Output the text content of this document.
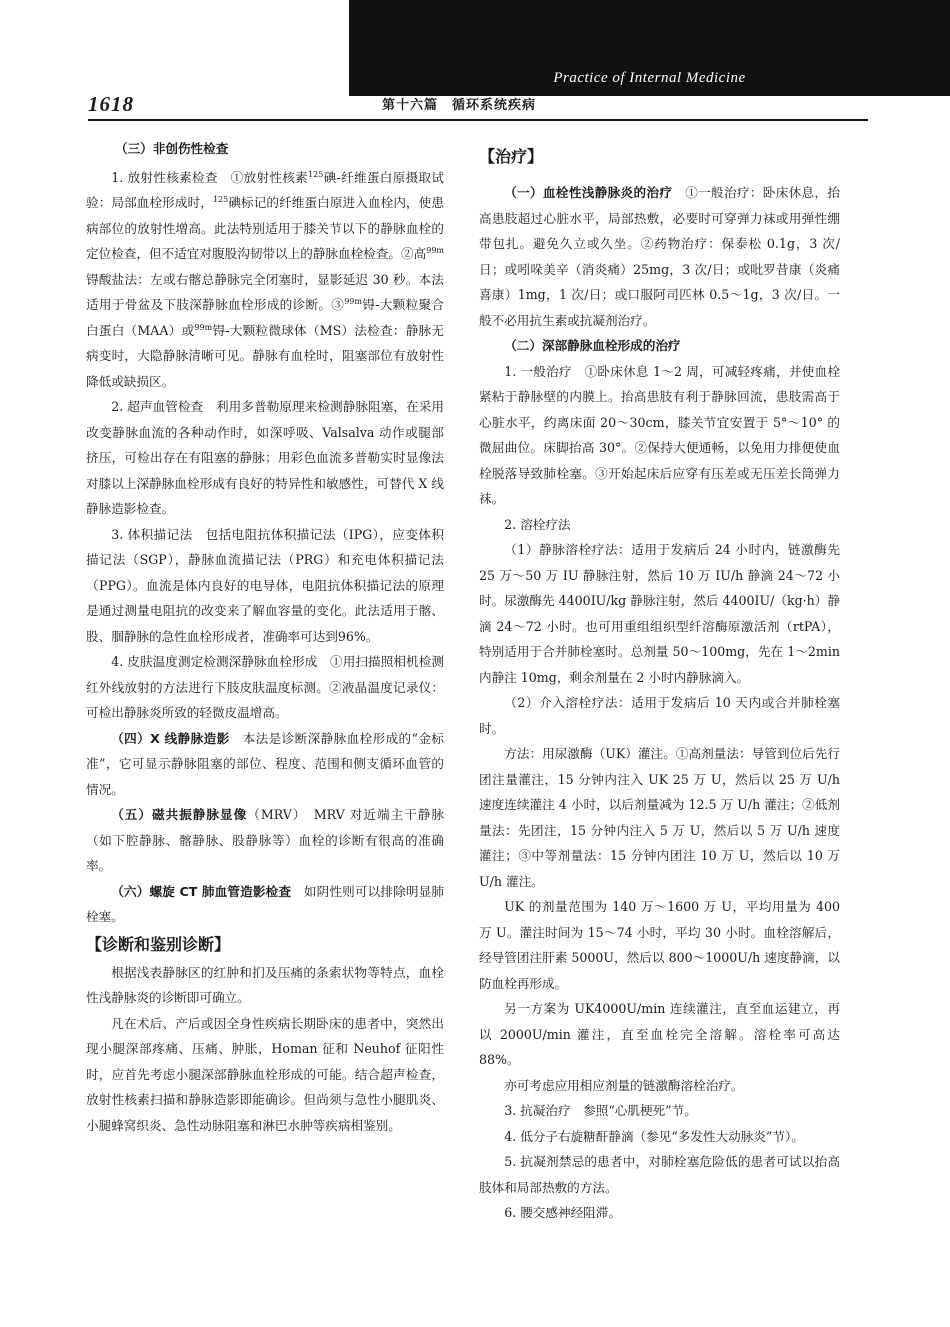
Practice of Internal Medicine
1618	第十六篇　循环系统疾病

（三）非创伤性检查

1. 放射性核素检查　①放射性核素$^{125}$碘-纤维蛋白原摄取试验：局部血栓形成时，$^{125}$碘标记的纤维蛋白原进入血栓内，使患病部位的放射性增高。此法特别适用于膝关节以下的静脉血栓的定位检查，但不适宜对腹股沟韧带以上的静脉血栓检查。②高$^{99m}$锝酸盐法：左或右髂总静脉完全闭塞时，显影延迟 30 秒。本法适用于骨盆及下肢深静脉血栓形成的诊断。③$^{99m}$锝-大颗粒聚合白蛋白（MAA）或$^{99m}$锝-大颗粒微球体（MS）法检查：静脉无病变时，大隐静脉清晰可见。静脉有血栓时，阻塞部位有放射性降低或缺损区。

2. 超声血管检查　利用多普勒原理来检测静脉阻塞，在采用改变静脉血流的各种动作时，如深呼吸、Valsalva 动作或腿部挤压，可检出存在有阻塞的静脉；用彩色血流多普勒实时显像法对膝以上深静脉血栓形成有良好的特异性和敏感性，可替代 X 线静脉造影检查。

3. 体积描记法　包括电阻抗体积描记法（IPG），应变体积描记法（SGP），静脉血流描记法（PRG）和充电体积描记法（PPG）。血流是体内良好的电导体，电阻抗体积描记法的原理是通过测量电阻抗的改变来了解血容量的变化。此法适用于髂、股、腘静脉的急性血栓形成者，准确率可达到96%。

4. 皮肤温度测定检测深静脉血栓形成　①用扫描照相机检测红外线放射的方法进行下肢皮肤温度标测。②液晶温度记录仪：可检出静脉炎所致的轻微皮温增高。

（四）X 线静脉造影　本法是诊断深静脉血栓形成的“金标准”，它可显示静脉阻塞的部位、程度、范围和侧支循环血管的情况。

（五）磁共振静脉显像（MRV）　MRV 对近端主干静脉（如下腔静脉、髂静脉、股静脉等）血栓的诊断有很高的准确率。

（六）螺旋 CT 肺血管造影检查　如阴性则可以排除明显肺栓塞。

【诊断和鉴别诊断】

根据浅表静脉区的红肿和扪及压痛的条索状物等特点，血栓性浅静脉炎的诊断即可确立。

凡在术后、产后或因全身性疾病长期卧床的患者中，突然出现小腿深部疼痛、压痛、肿胀，Homan 征和 Neuhof 征阳性时，应首先考虑小腿深部静脉血栓形成的可能。结合超声检查，放射性核素扫描和静脉造影即能确诊。但尚须与急性小腿肌炎、小腿蜂窝织炎、急性动脉阻塞和淋巴水肿等疾病相鉴别。

【治疗】

（一）血栓性浅静脉炎的治疗　①一般治疗：卧床休息，抬高患肢超过心脏水平，局部热敷，必要时可穿弹力袜或用弹性绷带包扎。避免久立或久坐。②药物治疗：保泰松 0.1g，3 次/日；或吲哚美辛（消炎痛）25mg，3 次/日；或吡罗昔康（炎痛喜康）1mg，1 次/日；或口服阿司匹林 0.5～1g，3 次/日。一般不必用抗生素或抗凝剂治疗。

（二）深部静脉血栓形成的治疗

1. 一般治疗　①卧床休息 1～2 周，可减轻疼痛，并使血栓紧粘于静脉壁的内膜上。抬高患肢有利于静脉回流，患肢需高于心脏水平，约离床面 20～30cm，膝关节宜安置于 5°～10° 的微屈曲位。床脚抬高 30°。②保持大便通畅，以免用力排便使血栓脱落导致肺栓塞。③开始起床后应穿有压差或无压差长筒弹力袜。

2. 溶栓疗法

（1）静脉溶栓疗法：适用于发病后 24 小时内，链激酶先 25 万～50 万 IU 静脉注射，然后 10 万 IU/h 静滴 24～72 小时。尿激酶先 4400IU/kg 静脉注射，然后 4400IU/（kg·h）静滴 24～72 小时。也可用重组组织型纤溶酶原激活剂（rtPA），特别适用于合并肺栓塞时。总剂量 50～100mg，先在 1～2min 内静注 10mg，剩余剂量在 2 小时内静脉滴入。

（2）介入溶栓疗法：适用于发病后 10 天内或合并肺栓塞时。

方法：用尿激酶（UK）灌注。①高剂量法：导管到位后先行团注量灌注，15 分钟内注入 UK 25 万 U，然后以 25 万 U/h 速度连续灌注 4 小时，以后剂量减为 12.5 万 U/h 灌注；②低剂量法：先团注，15 分钟内注入 5 万 U，然后以 5 万 U/h 速度灌注；③中等剂量法：15 分钟内团注 10 万 U，然后以 10 万 U/h 灌注。

UK 的剂量范围为 140 万～1600 万 U，平均用量为 400 万 U。灌注时间为 15～74 小时，平均 30 小时。血栓溶解后，经导管团注肝素 5000U，然后以 800～1000U/h 速度静滴，以防血栓再形成。

另一方案为 UK4000U/min 连续灌注，直至血运建立，再以 2000U/min 灌注，直至血栓完全溶解。溶栓率可高达 88%。

亦可考虑应用相应剂量的链激酶溶栓治疗。

3. 抗凝治疗　参照“心肌梗死”节。

4. 低分子右旋糖酐静滴（参见“多发性大动脉炎”节）。

5. 抗凝剂禁忌的患者中，对肺栓塞危险低的患者可试以抬高肢体和局部热敷的方法。

6. 腰交感神经阻滞。
